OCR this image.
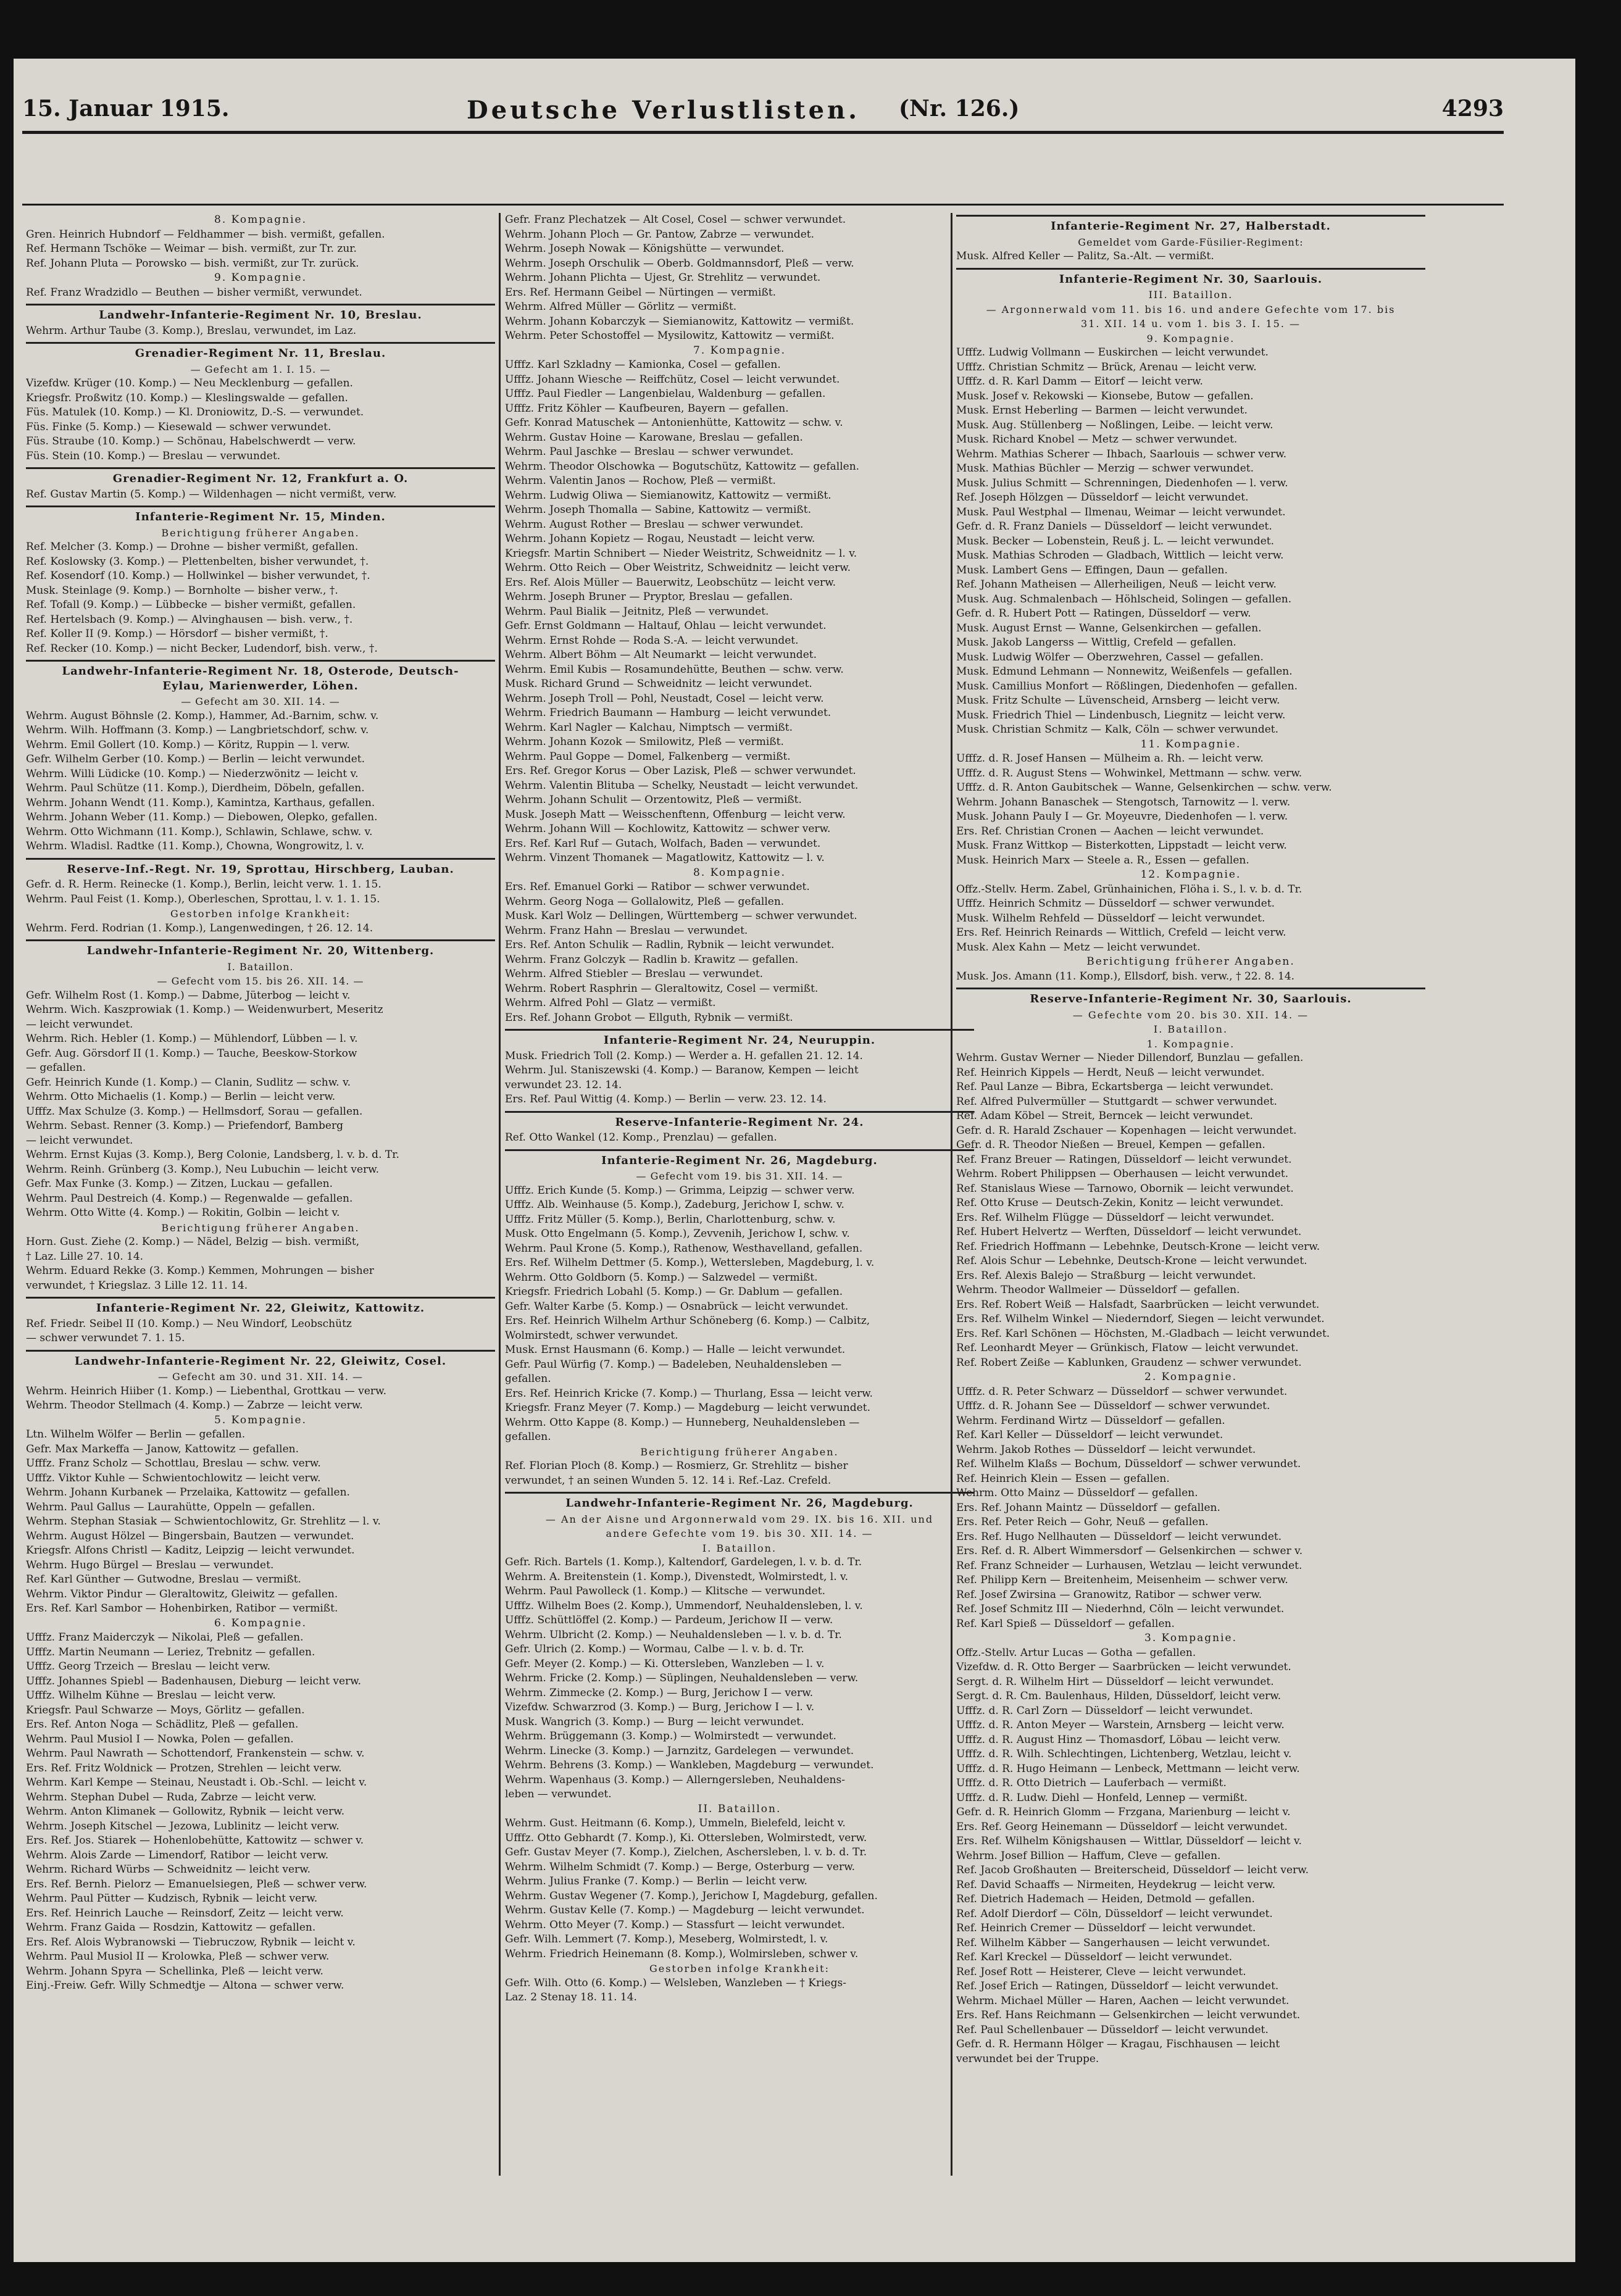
15. Januar 1915.	Deutsche Verlustlisten. (Nr. 126.)	4293
8. Kompagnie.
Gren. Heinrich Hubndorf — Feldhammer — bish. vermißt, gefallen.
Ref. Hermann Tschöke — Weimar — bish. vermißt, zur Tr. zur.
Ref. Johann Pluta — Porowsko — bish. vermißt, zur Tr. zurück.
9. Kompagnie.
Ref. Franz Wradzidlo — Beuthen — bisher vermißt, verwundet.
Landwehr-Infanterie-Regiment Nr. 10, Breslau.
Wehrm. Arthur Taube (3. Komp.), Breslau, verwundet, im Laz.
Grenadier-Regiment Nr. 11, Breslau.
— Gefecht am 1. I. 15. —
Vizefdw. Krüger (10. Komp.) — Neu Mecklenburg — gefallen.
Kriegsfr. Proßwitz (10. Komp.) — Kleslingswalde — gefallen.
Füs. Matulek (10. Komp.) — Kl. Droniowitz, D.-S. — verwundet.
Füs. Finke (5. Komp.) — Kiesewald — schwer verwundet.
Füs. Straube (10. Komp.) — Schönau, Habelschwerdt — verw.
Füs. Stein (10. Komp.) — Breslau — verwundet.
Grenadier-Regiment Nr. 12, Frankfurt a. O.
Ref. Gustav Martin (5. Komp.) — Wildenhagen — nicht vermißt, verw.
Infanterie-Regiment Nr. 15, Minden.
Berichtigung früherer Angaben.
Ref. Melcher (3. Komp.) — Drohne — bisher vermißt, gefallen.
Ref. Koslowsky (3. Komp.) — Plettenbelten, bisher verwundet, †.
Ref. Kosendorf (10. Komp.) — Hollwinkel — bisher verwundet, †.
Musk. Steinlage (9. Komp.) — Bornholte — bisher verw., †.
Ref. Tofall (9. Komp.) — Lübbecke — bisher vermißt, gefallen.
Ref. Hertelsbach (9. Komp.) — Alvinghausen — bish. verw., †.
Ref. Koller II (9. Komp.) — Hörsdorf — bisher vermißt, †.
Ref. Recker (10. Komp.) — nicht Becker, Ludendorf, bish. verw., †.
Landwehr-Infanterie-Regiment Nr. 18, Osterode, Deutsch-
Eylau, Marienwerder, Löhen.
— Gefecht am 30. XII. 14. —
Wehrm. August Böhnsle (2. Komp.), Hammer, Ad.-Barnim, schw. v.
Wehrm. Wilh. Hoffmann (3. Komp.) — Langbrietschdorf, schw. v.
Wehrm. Emil Gollert (10. Komp.) — Köritz, Ruppin — l. verw.
Gefr. Wilhelm Gerber (10. Komp.) — Berlin — leicht verwundet.
Wehrm. Willi Lüdicke (10. Komp.) — Niederzwönitz — leicht v.
Wehrm. Paul Schütze (11. Komp.), Dierdheim, Döbeln, gefallen.
Wehrm. Johann Wendt (11. Komp.), Kamintza, Karthaus, gefallen.
Wehrm. Johann Weber (11. Komp.) — Diebowen, Olepko, gefallen.
Wehrm. Otto Wichmann (11. Komp.), Schlawin, Schlawe, schw. v.
Wehrm. Wladisl. Radtke (11. Komp.), Chowna, Wongrowitz, l. v.
Reserve-Inf.-Regt. Nr. 19, Sprottau, Hirschberg, Lauban.
Gefr. d. R. Herm. Reinecke (1. Komp.), Berlin, leicht verw. 1. 1. 15.
Wehrm. Paul Feist (1. Komp.), Oberleschen, Sprottau, l. v. 1. 1. 15.
Gestorben infolge Krankheit:
Wehrm. Ferd. Rodrian (1. Komp.), Langenwedingen, † 26. 12. 14.
Landwehr-Infanterie-Regiment Nr. 20, Wittenberg.
I. Bataillon.
— Gefecht vom 15. bis 26. XII. 14. —
Gefr. Wilhelm Rost (1. Komp.) — Dabme, Jüterbog — leicht v.
Wehrm. Wich. Kaszprowiak (1. Komp.) — Weidenwurbert, Meseritz
— leicht verwundet.
Wehrm. Rich. Hebler (1. Komp.) — Mühlendorf, Lübben — l. v.
Gefr. Aug. Görsdorf II (1. Komp.) — Tauche, Beeskow-Storkow
— gefallen.
Gefr. Heinrich Kunde (1. Komp.) — Clanin, Sudlitz — schw. v.
Wehrm. Otto Michaelis (1. Komp.) — Berlin — leicht verw.
Ufffz. Max Schulze (3. Komp.) — Hellmsdorf, Sorau — gefallen.
Wehrm. Sebast. Renner (3. Komp.) — Priefendorf, Bamberg
— leicht verwundet.
Wehrm. Ernst Kujas (3. Komp.), Berg Colonie, Landsberg, l. v. b. d. Tr.
Wehrm. Reinh. Grünberg (3. Komp.), Neu Lubuchin — leicht verw.
Gefr. Max Funke (3. Komp.) — Zitzen, Luckau — gefallen.
Wehrm. Paul Destreich (4. Komp.) — Regenwalde — gefallen.
Wehrm. Otto Witte (4. Komp.) — Rokitin, Golbin — leicht v.
Berichtigung früherer Angaben.
Horn. Gust. Ziehe (2. Komp.) — Nädel, Belzig — bish. vermißt,
† Laz. Lille 27. 10. 14.
Wehrm. Eduard Rekke (3. Komp.) Kemmen, Mohrungen — bisher
verwundet, † Kriegslaz. 3 Lille 12. 11. 14.
Infanterie-Regiment Nr. 22, Gleiwitz, Kattowitz.
Ref. Friedr. Seibel II (10. Komp.) — Neu Windorf, Leobschütz
— schwer verwundet 7. 1. 15.
Landwehr-Infanterie-Regiment Nr. 22, Gleiwitz, Cosel.
— Gefecht am 30. und 31. XII. 14. —
Wehrm. Heinrich Hiiber (1. Komp.) — Liebenthal, Grottkau — verw.
Wehrm. Theodor Stellmach (4. Komp.) — Zabrze — leicht verw.
5. Kompagnie.
Ltn. Wilhelm Wölfer — Berlin — gefallen.
Gefr. Max Markeffa — Janow, Kattowitz — gefallen.
Ufffz. Franz Scholz — Schottlau, Breslau — schw. verw.
Ufffz. Viktor Kuhle — Schwientochlowitz — leicht verw.
Wehrm. Johann Kurbanek — Przelaika, Kattowitz — gefallen.
Wehrm. Paul Gallus — Laurahütte, Oppeln — gefallen.
Wehrm. Stephan Stasiak — Schwientochlowitz, Gr. Strehlitz — l. v.
Wehrm. August Hölzel — Bingersbain, Bautzen — verwundet.
Kriegsfr. Alfons Christl — Kaditz, Leipzig — leicht verwundet.
Wehrm. Hugo Bürgel — Breslau — verwundet.
Ref. Karl Günther — Gutwodne, Breslau — vermißt.
Wehrm. Viktor Pindur — Gleraltowitz, Gleiwitz — gefallen.
Ers. Ref. Karl Sambor — Hohenbirken, Ratibor — vermißt.
6. Kompagnie.
Ufffz. Franz Maiderczyk — Nikolai, Pleß — gefallen.
Ufffz. Martin Neumann — Leriez, Trebnitz — gefallen.
Ufffz. Georg Trzeich — Breslau — leicht verw.
Ufffz. Johannes Spiebl — Badenhausen, Dieburg — leicht verw.
Ufffz. Wilhelm Kühne — Breslau — leicht verw.
Kriegsfr. Paul Schwarze — Moys, Görlitz — gefallen.
Ers. Ref. Anton Noga — Schädlitz, Pleß — gefallen.
Wehrm. Paul Musiol I — Nowka, Polen — gefallen.
Wehrm. Paul Nawrath — Schottendorf, Frankenstein — schw. v.
Ers. Ref. Fritz Woldnick — Protzen, Strehlen — leicht verw.
Wehrm. Karl Kempe — Steinau, Neustadt i. Ob.-Schl. — leicht v.
Wehrm. Stephan Dubel — Ruda, Zabrze — leicht verw.
Wehrm. Anton Klimanek — Gollowitz, Rybnik — leicht verw.
Wehrm. Joseph Kitschel — Jezowa, Lublinitz — leicht verw.
Ers. Ref. Jos. Stiarek — Hohenlobehütte, Kattowitz — schwer v.
Wehrm. Alois Zarde — Limendorf, Ratibor — leicht verw.
Wehrm. Richard Würbs — Schweidnitz — leicht verw.
Ers. Ref. Bernh. Pielorz — Emanuelsiegen, Pleß — schwer verw.
Wehrm. Paul Pütter — Kudzisch, Rybnik — leicht verw.
Ers. Ref. Heinrich Lauche — Reinsdorf, Zeitz — leicht verw.
Wehrm. Franz Gaida — Rosdzin, Kattowitz — gefallen.
Ers. Ref. Alois Wybranowski — Tiebruczow, Rybnik — leicht v.
Wehrm. Paul Musiol II — Krolowka, Pleß — schwer verw.
Wehrm. Johann Spyra — Schellinka, Pleß — leicht verw.
Einj.-Freiw. Gefr. Willy Schmedtje — Altona — schwer verw.
Gefr. Franz Plechatzek — Alt Cosel, Cosel — schwer verwundet.
Wehrm. Johann Ploch — Gr. Pantow, Zabrze — verwundet.
Wehrm. Joseph Nowak — Königshütte — verwundet.
Wehrm. Joseph Orschulik — Oberb. Goldmannsdorf, Pleß — verw.
Wehrm. Johann Plichta — Ujest, Gr. Strehlitz — verwundet.
Ers. Ref. Hermann Geibel — Nürtingen — vermißt.
Wehrm. Alfred Müller — Görlitz — vermißt.
Wehrm. Johann Kobarczyk — Siemianowitz, Kattowitz — vermißt.
Wehrm. Peter Schostoffel — Mysilowitz, Kattowitz — vermißt.
7. Kompagnie.
Ufffz. Karl Szkladny — Kamionka, Cosel — gefallen.
Ufffz. Johann Wiesche — Reiffchütz, Cosel — leicht verwundet.
Ufffz. Paul Fiedler — Langenbielau, Waldenburg — gefallen.
Ufffz. Fritz Köhler — Kaufbeuren, Bayern — gefallen.
Gefr. Konrad Matuschek — Antonienhütte, Kattowitz — schw. v.
Wehrm. Gustav Hoine — Karowane, Breslau — gefallen.
Wehrm. Paul Jaschke — Breslau — schwer verwundet.
Wehrm. Theodor Olschowka — Bogutschütz, Kattowitz — gefallen.
Wehrm. Valentin Janos — Rochow, Pleß — vermißt.
Wehrm. Ludwig Oliwa — Siemianowitz, Kattowitz — vermißt.
Wehrm. Joseph Thomalla — Sabine, Kattowitz — vermißt.
Wehrm. August Rother — Breslau — schwer verwundet.
Wehrm. Johann Kopietz — Rogau, Neustadt — leicht verw.
Kriegsfr. Martin Schnibert — Nieder Weistritz, Schweidnitz — l. v.
Wehrm. Otto Reich — Ober Weistritz, Schweidnitz — leicht verw.
Ers. Ref. Alois Müller — Bauerwitz, Leobschütz — leicht verw.
Wehrm. Joseph Bruner — Pryptor, Breslau — gefallen.
Wehrm. Paul Bialik — Jeitnitz, Pleß — verwundet.
Gefr. Ernst Goldmann — Haltauf, Ohlau — leicht verwundet.
Wehrm. Ernst Rohde — Roda S.-A. — leicht verwundet.
Wehrm. Albert Böhm — Alt Neumarkt — leicht verwundet.
Wehrm. Emil Kubis — Rosamundehütte, Beuthen — schw. verw.
Musk. Richard Grund — Schweidnitz — leicht verwundet.
Wehrm. Joseph Troll — Pohl, Neustadt, Cosel — leicht verw.
Wehrm. Friedrich Baumann — Hamburg — leicht verwundet.
Wehrm. Karl Nagler — Kalchau, Nimptsch — vermißt.
Wehrm. Johann Kozok — Smilowitz, Pleß — vermißt.
Wehrm. Paul Goppe — Domel, Falkenberg — vermißt.
Ers. Ref. Gregor Korus — Ober Lazisk, Pleß — schwer verwundet.
Wehrm. Valentin Blituba — Schelky, Neustadt — leicht verwundet.
Wehrm. Johann Schulit — Orzentowitz, Pleß — vermißt.
Musk. Joseph Matt — Weisschenftenn, Offenburg — leicht verw.
Wehrm. Johann Will — Kochlowitz, Kattowitz — schwer verw.
Ers. Ref. Karl Ruf — Gutach, Wolfach, Baden — verwundet.
Wehrm. Vinzent Thomanek — Magatlowitz, Kattowitz — l. v.
8. Kompagnie.
Ers. Ref. Emanuel Gorki — Ratibor — schwer verwundet.
Wehrm. Georg Noga — Gollalowitz, Pleß — gefallen.
Musk. Karl Wolz — Dellingen, Württemberg — schwer verwundet.
Wehrm. Franz Hahn — Breslau — verwundet.
Ers. Ref. Anton Schulik — Radlin, Rybnik — leicht verwundet.
Wehrm. Franz Golczyk — Radlin b. Krawitz — gefallen.
Wehrm. Alfred Stiebler — Breslau — verwundet.
Wehrm. Robert Rasphrin — Gleraltowitz, Cosel — vermißt.
Wehrm. Alfred Pohl — Glatz — vermißt.
Ers. Ref. Johann Grobot — Ellguth, Rybnik — vermißt.
Infanterie-Regiment Nr. 24, Neuruppin.
Musk. Friedrich Toll (2. Komp.) — Werder a. H. gefallen 21. 12. 14.
Wehrm. Jul. Staniszewski (4. Komp.) — Baranow, Kempen — leicht
verwundet 23. 12. 14.
Ers. Ref. Paul Wittig (4. Komp.) — Berlin — verw. 23. 12. 14.
Reserve-Infanterie-Regiment Nr. 24.
Ref. Otto Wankel (12. Komp., Prenzlau) — gefallen.
Infanterie-Regiment Nr. 26, Magdeburg.
— Gefecht vom 19. bis 31. XII. 14. —
Ufffz. Erich Kunde (5. Komp.) — Grimma, Leipzig — schwer verw.
Ufffz. Alb. Weinhause (5. Komp.), Zadeburg, Jerichow I, schw. v.
Ufffz. Fritz Müller (5. Komp.), Berlin, Charlottenburg, schw. v.
Musk. Otto Engelmann (5. Komp.), Zevvenih, Jerichow I, schw. v.
Wehrm. Paul Krone (5. Komp.), Rathenow, Westhavelland, gefallen.
Ers. Ref. Wilhelm Dettmer (5. Komp.), Wettersleben, Magdeburg, l. v.
Wehrm. Otto Goldborn (5. Komp.) — Salzwedel — vermißt.
Kriegsfr. Friedrich Lobahl (5. Komp.) — Gr. Dablum — gefallen.
Gefr. Walter Karbe (5. Komp.) — Osnabrück — leicht verwundet.
Ers. Ref. Heinrich Wilhelm Arthur Schöneberg (6. Komp.) — Calbitz,
Wolmirstedt, schwer verwundet.
Musk. Ernst Hausmann (6. Komp.) — Halle — leicht verwundet.
Gefr. Paul Würfig (7. Komp.) — Badeleben, Neuhaldensleben —
gefallen.
Ers. Ref. Heinrich Kricke (7. Komp.) — Thurlang, Essa — leicht verw.
Kriegsfr. Franz Meyer (7. Komp.) — Magdeburg — leicht verwundet.
Wehrm. Otto Kappe (8. Komp.) — Hunneberg, Neuhaldensleben —
gefallen.
Berichtigung früherer Angaben.
Ref. Florian Ploch (8. Komp.) — Rosmierz, Gr. Strehlitz — bisher
verwundet, † an seinen Wunden 5. 12. 14 i. Ref.-Laz. Crefeld.
Landwehr-Infanterie-Regiment Nr. 26, Magdeburg.
— An der Aisne und Argonnerwald vom 29. IX. bis 16. XII. und
andere Gefechte vom 19. bis 30. XII. 14. —
I. Bataillon.
Gefr. Rich. Bartels (1. Komp.), Kaltendorf, Gardelegen, l. v. b. d. Tr.
Wehrm. A. Breitenstein (1. Komp.), Divenstedt, Wolmirstedt, l. v.
Wehrm. Paul Pawolleck (1. Komp.) — Klitsche — verwundet.
Ufffz. Wilhelm Boes (2. Komp.), Ummendorf, Neuhaldensleben, l. v.
Ufffz. Schüttlöffel (2. Komp.) — Pardeum, Jerichow II — verw.
Wehrm. Ulbricht (2. Komp.) — Neuhaldensleben — l. v. b. d. Tr.
Gefr. Ulrich (2. Komp.) — Wormau, Calbe — l. v. b. d. Tr.
Gefr. Meyer (2. Komp.) — Ki. Ottersleben, Wanzleben — l. v.
Wehrm. Fricke (2. Komp.) — Süplingen, Neuhaldensleben — verw.
Wehrm. Zimmecke (2. Komp.) — Burg, Jerichow I — verw.
Vizefdw. Schwarzrod (3. Komp.) — Burg, Jerichow I — l. v.
Musk. Wangrich (3. Komp.) — Burg — leicht verwundet.
Wehrm. Brüggemann (3. Komp.) — Wolmirstedt — verwundet.
Wehrm. Linecke (3. Komp.) — Jarnzitz, Gardelegen — verwundet.
Wehrm. Behrens (3. Komp.) — Wankleben, Magdeburg — verwundet.
Wehrm. Wapenhaus (3. Komp.) — Allerngersleben, Neuhaldens-
leben — verwundet.
II. Bataillon.
Wehrm. Gust. Heitmann (6. Komp.), Ummeln, Bielefeld, leicht v.
Ufffz. Otto Gebhardt (7. Komp.), Ki. Ottersleben, Wolmirstedt, verw.
Gefr. Gustav Meyer (7. Komp.), Zielchen, Aschersleben, l. v. b. d. Tr.
Wehrm. Wilhelm Schmidt (7. Komp.) — Berge, Osterburg — verw.
Wehrm. Julius Franke (7. Komp.) — Berlin — leicht verw.
Wehrm. Gustav Wegener (7. Komp.), Jerichow I, Magdeburg, gefallen.
Wehrm. Gustav Kelle (7. Komp.) — Magdeburg — leicht verwundet.
Wehrm. Otto Meyer (7. Komp.) — Stassfurt — leicht verwundet.
Gefr. Wilh. Lemmert (7. Komp.), Meseberg, Wolmirstedt, l. v.
Wehrm. Friedrich Heinemann (8. Komp.), Wolmirsleben, schwer v.
Gestorben infolge Krankheit:
Gefr. Wilh. Otto (6. Komp.) — Welsleben, Wanzleben — † Kriegs-
Laz. 2 Stenay 18. 11. 14.
Infanterie-Regiment Nr. 27, Halberstadt.
Gemeldet vom Garde-Füsilier-Regiment:
Musk. Alfred Keller — Palitz, Sa.-Alt. — vermißt.
Infanterie-Regiment Nr. 30, Saarlouis.
III. Bataillon.
— Argonnerwald vom 11. bis 16. und andere Gefechte vom 17. bis
31. XII. 14 u. vom 1. bis 3. I. 15. —
9. Kompagnie.
Ufffz. Ludwig Vollmann — Euskirchen — leicht verwundet.
Ufffz. Christian Schmitz — Brück, Arenau — leicht verw.
Ufffz. d. R. Karl Damm — Eitorf — leicht verw.
Musk. Josef v. Rekowski — Kionsebe, Butow — gefallen.
Musk. Ernst Heberling — Barmen — leicht verwundet.
Musk. Aug. Stüllenberg — Noßlingen, Leibe. — leicht verw.
Musk. Richard Knobel — Metz — schwer verwundet.
Wehrm. Mathias Scherer — Ihbach, Saarlouis — schwer verw.
Musk. Mathias Büchler — Merzig — schwer verwundet.
Musk. Julius Schmitt — Schrenningen, Diedenhofen — l. verw.
Ref. Joseph Hölzgen — Düsseldorf — leicht verwundet.
Musk. Paul Westphal — Ilmenau, Weimar — leicht verwundet.
Gefr. d. R. Franz Daniels — Düsseldorf — leicht verwundet.
Musk. Becker — Lobenstein, Reuß j. L. — leicht verwundet.
Musk. Mathias Schroden — Gladbach, Wittlich — leicht verw.
Musk. Lambert Gens — Effingen, Daun — gefallen.
Ref. Johann Matheisen — Allerheiligen, Neuß — leicht verw.
Musk. Aug. Schmalenbach — Höhlscheid, Solingen — gefallen.
Gefr. d. R. Hubert Pott — Ratingen, Düsseldorf — verw.
Musk. August Ernst — Wanne, Gelsenkirchen — gefallen.
Musk. Jakob Langerss — Wittlig, Crefeld — gefallen.
Musk. Ludwig Wölfer — Oberzwehren, Cassel — gefallen.
Musk. Edmund Lehmann — Nonnewitz, Weißenfels — gefallen.
Musk. Camillius Monfort — Rößlingen, Diedenhofen — gefallen.
Musk. Fritz Schulte — Lüvenscheid, Arnsberg — leicht verw.
Musk. Friedrich Thiel — Lindenbusch, Liegnitz — leicht verw.
Musk. Christian Schmitz — Kalk, Cöln — schwer verwundet.
11. Kompagnie.
Ufffz. d. R. Josef Hansen — Mülheim a. Rh. — leicht verw.
Ufffz. d. R. August Stens — Wohwinkel, Mettmann — schw. verw.
Ufffz. d. R. Anton Gaubitschek — Wanne, Gelsenkirchen — schw. verw.
Wehrm. Johann Banaschek — Stengotsch, Tarnowitz — l. verw.
Musk. Johann Pauly I — Gr. Moyeuvre, Diedenhofen — l. verw.
Ers. Ref. Christian Cronen — Aachen — leicht verwundet.
Musk. Franz Wittkop — Bisterkotten, Lippstadt — leicht verw.
Musk. Heinrich Marx — Steele a. R., Essen — gefallen.
12. Kompagnie.
Offz.-Stellv. Herm. Zabel, Grünhainichen, Flöha i. S., l. v. b. d. Tr.
Ufffz. Heinrich Schmitz — Düsseldorf — schwer verwundet.
Musk. Wilhelm Rehfeld — Düsseldorf — leicht verwundet.
Ers. Ref. Heinrich Reinards — Wittlich, Crefeld — leicht verw.
Musk. Alex Kahn — Metz — leicht verwundet.
Berichtigung früherer Angaben.
Musk. Jos. Amann (11. Komp.), Ellsdorf, bish. verw., † 22. 8. 14.
Reserve-Infanterie-Regiment Nr. 30, Saarlouis.
— Gefechte vom 20. bis 30. XII. 14. —
I. Bataillon.
1. Kompagnie.
Wehrm. Gustav Werner — Nieder Dillendorf, Bunzlau — gefallen.
Ref. Heinrich Kippels — Herdt, Neuß — leicht verwundet.
Ref. Paul Lanze — Bibra, Eckartsberga — leicht verwundet.
Ref. Alfred Pulvermüller — Stuttgardt — schwer verwundet.
Ref. Adam Köbel — Streit, Berncek — leicht verwundet.
Gefr. d. R. Harald Zschauer — Kopenhagen — leicht verwundet.
Gefr. d. R. Theodor Nießen — Breuel, Kempen — gefallen.
Ref. Franz Breuer — Ratingen, Düsseldorf — leicht verwundet.
Wehrm. Robert Philippsen — Oberhausen — leicht verwundet.
Ref. Stanislaus Wiese — Tarnowo, Obornik — leicht verwundet.
Ref. Otto Kruse — Deutsch-Zekin, Konitz — leicht verwundet.
Ers. Ref. Wilhelm Flügge — Düsseldorf — leicht verwundet.
Ref. Hubert Helvertz — Werften, Düsseldorf — leicht verwundet.
Ref. Friedrich Hoffmann — Lebehnke, Deutsch-Krone — leicht verw.
Ref. Alois Schur — Lebehnke, Deutsch-Krone — leicht verwundet.
Ers. Ref. Alexis Balejo — Straßburg — leicht verwundet.
Wehrm. Theodor Wallmeier — Düsseldorf — gefallen.
Ers. Ref. Robert Weiß — Halsfadt, Saarbrücken — leicht verwundet.
Ers. Ref. Wilhelm Winkel — Niederndorf, Siegen — leicht verwundet.
Ers. Ref. Karl Schönen — Höchsten, M.-Gladbach — leicht verwundet.
Ref. Leonhardt Meyer — Grünkisch, Flatow — leicht verwundet.
Ref. Robert Zeiße — Kablunken, Graudenz — schwer verwundet.
2. Kompagnie.
Ufffz. d. R. Peter Schwarz — Düsseldorf — schwer verwundet.
Ufffz. d. R. Johann See — Düsseldorf — schwer verwundet.
Wehrm. Ferdinand Wirtz — Düsseldorf — gefallen.
Ref. Karl Keller — Düsseldorf — leicht verwundet.
Wehrm. Jakob Rothes — Düsseldorf — leicht verwundet.
Ref. Wilhelm Klaßs — Bochum, Düsseldorf — schwer verwundet.
Ref. Heinrich Klein — Essen — gefallen.
Wehrm. Otto Mainz — Düsseldorf — gefallen.
Ers. Ref. Johann Maintz — Düsseldorf — gefallen.
Ers. Ref. Peter Reich — Gohr, Neuß — gefallen.
Ers. Ref. Hugo Nellhauten — Düsseldorf — leicht verwundet.
Ers. Ref. d. R. Albert Wimmersdorf — Gelsenkirchen — schwer v.
Ref. Franz Schneider — Lurhausen, Wetzlau — leicht verwundet.
Ref. Philipp Kern — Breitenheim, Meisenheim — schwer verw.
Ref. Josef Zwirsina — Granowitz, Ratibor — schwer verw.
Ref. Josef Schmitz III — Niederhnd, Cöln — leicht verwundet.
Ref. Karl Spieß — Düsseldorf — gefallen.
3. Kompagnie.
Offz.-Stellv. Artur Lucas — Gotha — gefallen.
Vizefdw. d. R. Otto Berger — Saarbrücken — leicht verwundet.
Sergt. d. R. Wilhelm Hirt — Düsseldorf — leicht verwundet.
Sergt. d. R. Cm. Baulenhaus, Hilden, Düsseldorf, leicht verw.
Ufffz. d. R. Carl Zorn — Düsseldorf — leicht verwundet.
Ufffz. d. R. Anton Meyer — Warstein, Arnsberg — leicht verw.
Ufffz. d. R. August Hinz — Thomasdorf, Löbau — leicht verw.
Ufffz. d. R. Wilh. Schlechtingen, Lichtenberg, Wetzlau, leicht v.
Ufffz. d. R. Hugo Heimann — Lenbeck, Mettmann — leicht verw.
Ufffz. d. R. Otto Dietrich — Lauferbach — vermißt.
Ufffz. d. R. Ludw. Diehl — Honfeld, Lennep — vermißt.
Gefr. d. R. Heinrich Glomm — Frzgana, Marienburg — leicht v.
Ers. Ref. Georg Heinemann — Düsseldorf — leicht verwundet.
Ers. Ref. Wilhelm Königshausen — Wittlar, Düsseldorf — leicht v.
Wehrm. Josef Billion — Haffum, Cleve — gefallen.
Ref. Jacob Großhauten — Breiterscheid, Düsseldorf — leicht verw.
Ref. David Schaaffs — Nirmeiten, Heydekrug — leicht verw.
Ref. Dietrich Hademach — Heiden, Detmold — gefallen.
Ref. Adolf Dierdorf — Cöln, Düsseldorf — leicht verwundet.
Ref. Heinrich Cremer — Düsseldorf — leicht verwundet.
Ref. Wilhelm Käbber — Sangerhausen — leicht verwundet.
Ref. Karl Kreckel — Düsseldorf — leicht verwundet.
Ref. Josef Rott — Heisterer, Cleve — leicht verwundet.
Ref. Josef Erich — Ratingen, Düsseldorf — leicht verwundet.
Wehrm. Michael Müller — Haren, Aachen — leicht verwundet.
Ers. Ref. Hans Reichmann — Gelsenkirchen — leicht verwundet.
Ref. Paul Schellenbauer — Düsseldorf — leicht verwundet.
Gefr. d. R. Hermann Hölger — Kragau, Fischhausen — leicht
verwundet bei der Truppe.
